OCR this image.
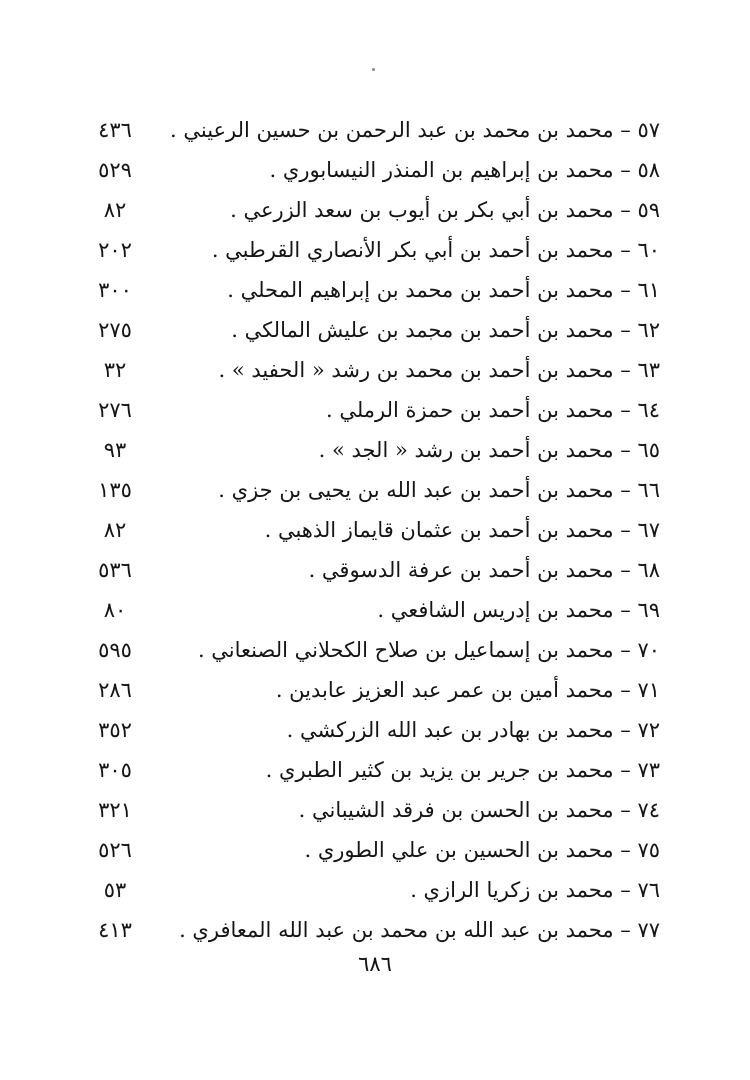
٥٧ – محمد بن محمد بن عبد الرحمن بن حسين الرعيني .
٤٣٦
٥٨ – محمد بن إبراهيم بن المنذر النيسابوري .
٥٢٩
٥٩ – محمد بن أبي بكر بن أيوب بن سعد الزرعي .
٨٢
٦٠ – محمد بن أحمد بن أبي بكر الأنصاري القرطبي .
٢٠٢
٦١ – محمد بن أحمد بن محمد بن إبراهيم المحلي .
٣٠٠
٦٢ – محمد بن أحمد بن محمد بن عليش المالكي .
٢٧٥
٦٣ – محمد بن أحمد بن محمد بن رشد « الحفيد » .
٣٢
٦٤ – محمد بن أحمد بن حمزة الرملي .
٢٧٦
٦٥ – محمد بن أحمد بن رشد « الجد » .
٩٣
٦٦ – محمد بن أحمد بن عبد الله بن يحيى بن جزي .
١٣٥
٦٧ – محمد بن أحمد بن عثمان قايماز الذهبي .
٨٢
٦٨ – محمد بن أحمد بن عرفة الدسوقي .
٥٣٦
٦٩ – محمد بن إدريس الشافعي .
٨٠
٧٠ – محمد بن إسماعيل بن صلاح الكحلاني الصنعاني .
٥٩٥
٧١ – محمد أمين بن عمر عبد العزيز عابدين .
٢٨٦
٧٢ – محمد بن بهادر بن عبد الله الزركشي .
٣٥٢
٧٣ – محمد بن جرير بن يزيد بن كثير الطبري .
٣٠٥
٧٤ – محمد بن الحسن بن فرقد الشيباني .
٣٢١
٧٥ – محمد بن الحسين بن علي الطوري .
٥٢٦
٧٦ – محمد بن زكريا الرازي .
٥٣
٧٧ – محمد بن عبد الله بن محمد بن عبد الله المعافري .
٤١٣
٦٨٦
